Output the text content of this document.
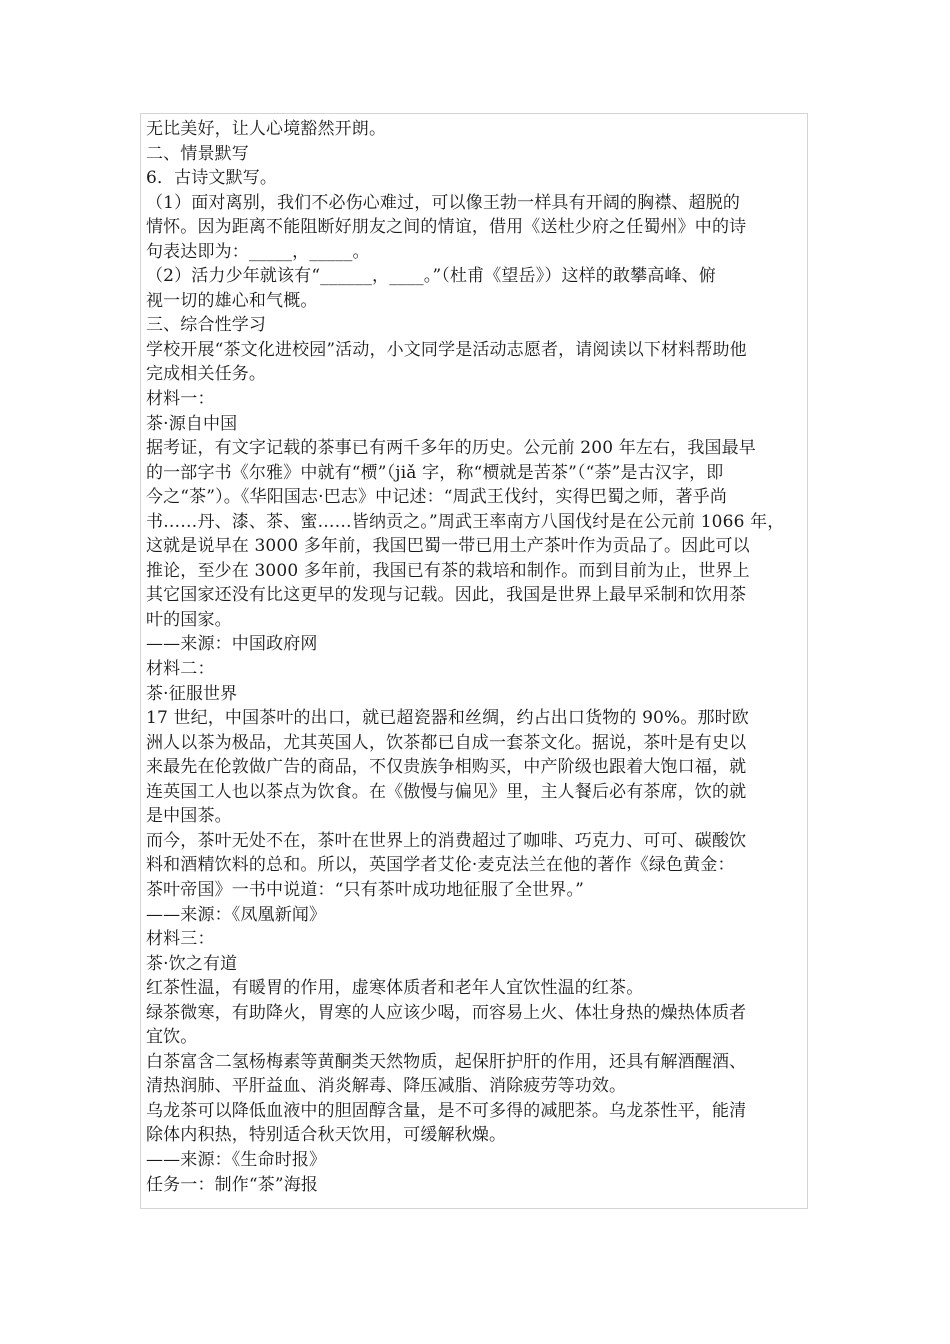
无比美好，让人心境豁然开朗。
二、情景默写
6．古诗文默写。
（1）面对离别，我们不必伤心难过，可以像王勃一样具有开阔的胸襟、超脱的
情怀。因为距离不能阻断好朋友之间的情谊，借用《送杜少府之任蜀州》中的诗
句表达即为：_____，_____。
（2）活力少年就该有“______，____。”（杜甫《望岳》）这样的敢攀高峰、俯
视一切的雄心和气概。
三、综合性学习
学校开展“茶文化进校园”活动，小文同学是活动志愿者，请阅读以下材料帮助他
完成相关任务。
材料一：
茶·源自中国
据考证，有文字记载的茶事已有两千多年的历史。公元前 200 年左右，我国最早
的一部字书《尔雅》中就有“槚”（jiǎ 字，称“槚就是苦茶”（“荼”是古汉字，即
今之“茶”）。《华阳国志·巴志》中记述：“周武王伐纣，实得巴蜀之师，著乎尚
书……丹、漆、茶、蜜……皆纳贡之。”周武王率南方八国伐纣是在公元前 1066 年，
这就是说早在 3000 多年前，我国巴蜀一带已用土产茶叶作为贡品了。因此可以
推论，至少在 3000 多年前，我国已有茶的栽培和制作。而到目前为止，世界上
其它国家还没有比这更早的发现与记载。因此，我国是世界上最早采制和饮用茶
叶的国家。
——来源：中国政府网
材料二：
茶·征服世界
17 世纪，中国茶叶的出口，就已超瓷器和丝绸，约占出口货物的 90%。那时欧
洲人以茶为极品，尤其英国人，饮茶都已自成一套茶文化。据说，茶叶是有史以
来最先在伦敦做广告的商品，不仅贵族争相购买，中产阶级也跟着大饱口福，就
连英国工人也以茶点为饮食。在《傲慢与偏见》里，主人餐后必有茶席，饮的就
是中国茶。
而今，茶叶无处不在，茶叶在世界上的消费超过了咖啡、巧克力、可可、碳酸饮
料和酒精饮料的总和。所以，英国学者艾伦·麦克法兰在他的著作《绿色黄金：
茶叶帝国》一书中说道：“只有茶叶成功地征服了全世界。”
——来源：《凤凰新闻》
材料三：
茶·饮之有道
红茶性温，有暖胃的作用，虚寒体质者和老年人宜饮性温的红茶。
绿茶微寒，有助降火，胃寒的人应该少喝，而容易上火、体壮身热的燥热体质者
宜饮。
白茶富含二氢杨梅素等黄酮类天然物质，起保肝护肝的作用，还具有解酒醒酒、
清热润肺、平肝益血、消炎解毒、降压减脂、消除疲劳等功效。
乌龙茶可以降低血液中的胆固醇含量，是不可多得的减肥茶。乌龙茶性平，能清
除体内积热，特别适合秋天饮用，可缓解秋燥。
——来源：《生命时报》
任务一：制作“茶”海报
